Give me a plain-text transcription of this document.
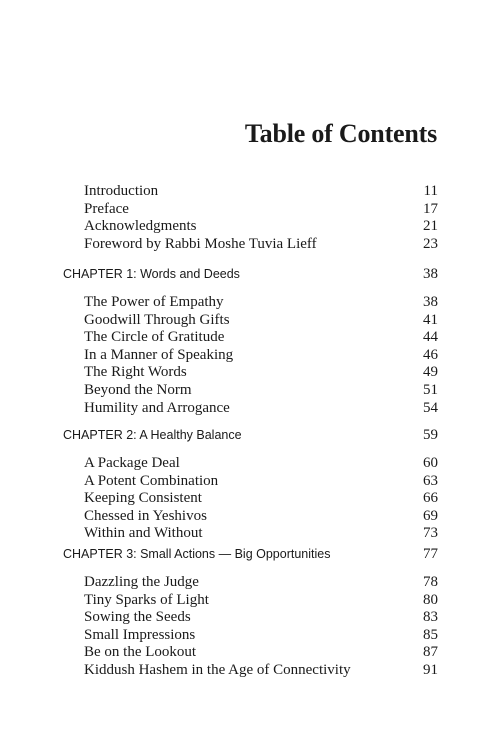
Table of Contents
Introduction	11
Preface	17
Acknowledgments	21
Foreword by Rabbi Moshe Tuvia Lieff	23
CHAPTER 1: Words and Deeds	38
The Power of Empathy	38
Goodwill Through Gifts	41
The Circle of Gratitude	44
In a Manner of Speaking	46
The Right Words	49
Beyond the Norm	51
Humility and Arrogance	54
CHAPTER 2: A Healthy Balance	59
A Package Deal	60
A Potent Combination	63
Keeping Consistent	66
Chessed in Yeshivos	69
Within and Without	73
CHAPTER 3: Small Actions — Big Opportunities	77
Dazzling the Judge	78
Tiny Sparks of Light	80
Sowing the Seeds	83
Small Impressions	85
Be on the Lookout	87
Kiddush Hashem in the Age of Connectivity	91
